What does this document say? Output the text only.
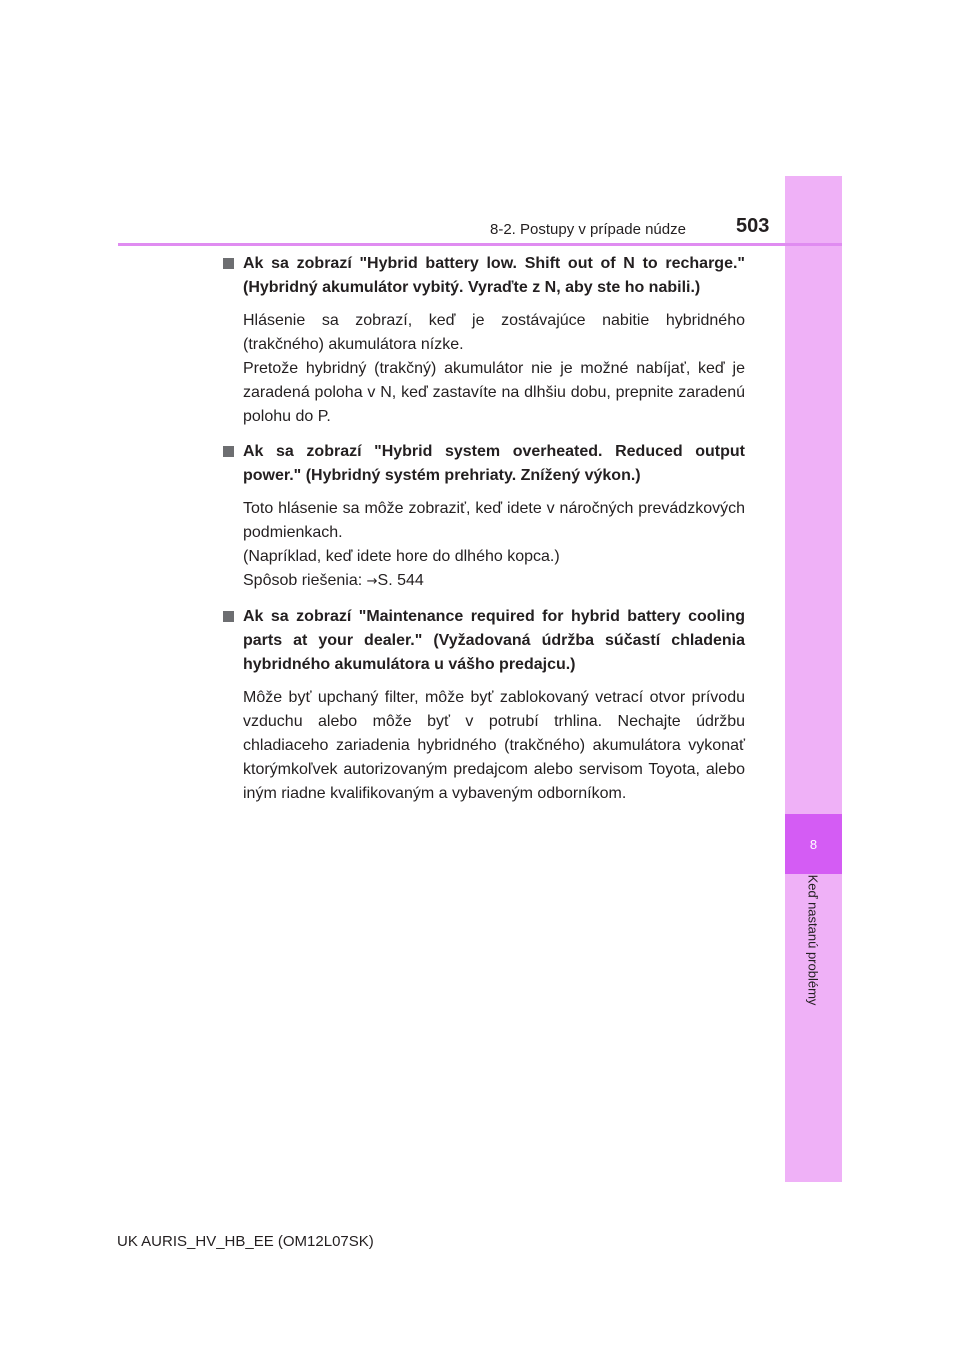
8
Keď nastanú problémy
8-2. Postupy v prípade núdze	503
Ak sa zobrazí "Hybrid battery low. Shift out of N to recharge." (Hybridný akumulátor vybitý. Vyraďte z N, aby ste ho nabili.)
Hlásenie sa zobrazí, keď je zostávajúce nabitie hybridného (trakčného) akumulátora nízke.
Pretože hybridný (trakčný) akumulátor nie je možné nabíjať, keď je zaradená poloha v N, keď zastavíte na dlhšiu dobu, prepnite zaradenú polohu do P.
Ak sa zobrazí "Hybrid system overheated. Reduced output power." (Hybridný systém prehriaty. Znížený výkon.)
Toto hlásenie sa môže zobraziť, keď idete v náročných prevádzkových podmienkach.
(Napríklad, keď idete hore do dlhého kopca.)
Spôsob riešenia: →S. 544
Ak sa zobrazí "Maintenance required for hybrid battery cooling parts at your dealer." (Vyžadovaná údržba súčastí chladenia hybridného akumulátora u vášho predajcu.)
Môže byť upchaný filter, môže byť zablokovaný vetrací otvor prívodu vzduchu alebo môže byť v potrubí trhlina. Nechajte údržbu chladiaceho zariadenia hybridného (trakčného) akumulátora vykonať ktorýmkoľvek autorizovaným predajcom alebo servisom Toyota, alebo iným riadne kvalifikovaným a vybaveným odborníkom.
UK AURIS_HV_HB_EE (OM12L07SK)
